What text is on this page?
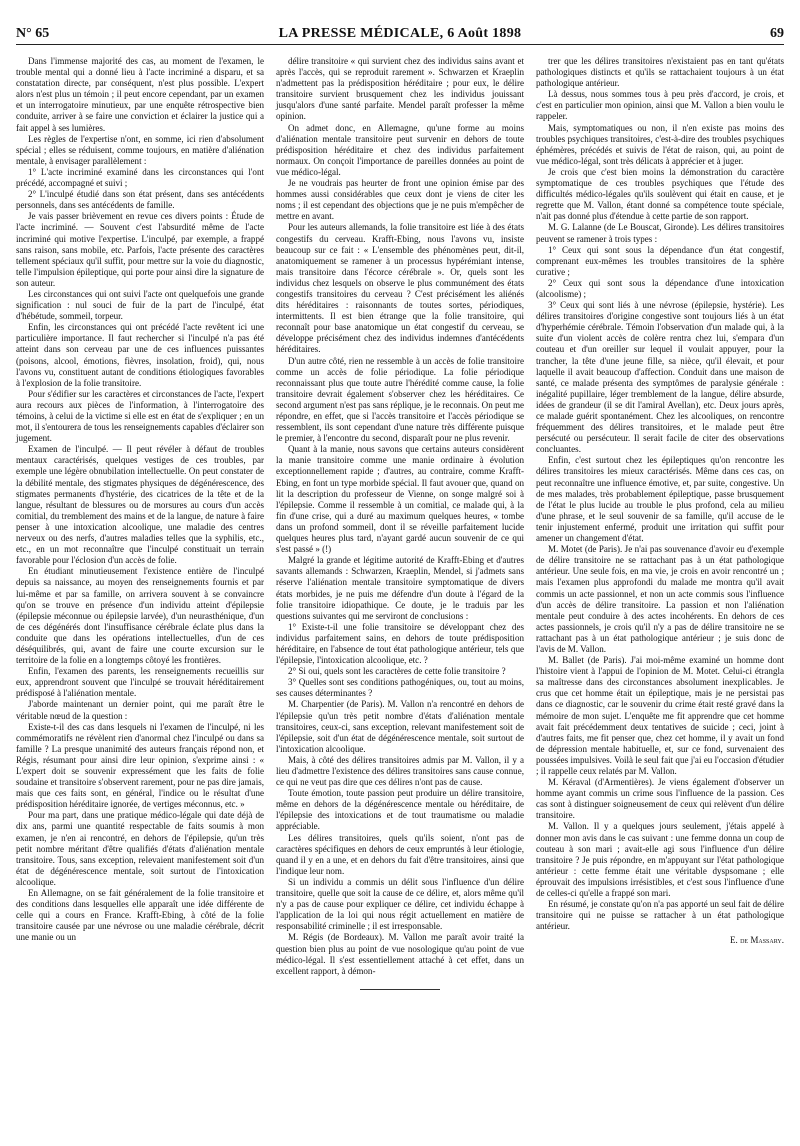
N° 65	LA PRESSE MÉDICALE, 6 Août 1898	69

Dans l'immense majorité des cas, au moment de l'examen, le trouble mental qui a donné lieu à l'acte incriminé a disparu, et sa constatation directe, par conséquent, n'est plus possible. L'expert alors n'est plus un témoin ; il peut encore cependant, par un examen et un interrogatoire minutieux, par une enquête rétrospective bien conduite, arriver à se faire une conviction et éclairer la justice qui a fait appel à ses lumières.

Les règles de l'expertise n'ont, en somme, ici rien d'absolument spécial ; elles se réduisent, comme toujours, en matière d'aliénation mentale, à envisager parallèlement :

1° L'acte incriminé examiné dans les circonstances qui l'ont précédé, accompagné et suivi ;

2° L'inculpé étudié dans son état présent, dans ses antécédents personnels, dans ses antécédents de famille.

Je vais passer brièvement en revue ces divers points : Étude de l'acte incriminé. — Souvent c'est l'absurdité même de l'acte incriminé qui motive l'expertise. L'inculpé, par exemple, a frappé sans raison, sans mobile, etc. Parfois, l'acte présente des caractères tellement spéciaux qu'il suffit, pour mettre sur la voie du diagnostic, telle l'impulsion épileptique, qui porte pour ainsi dire la signature de son auteur.

Les circonstances qui ont suivi l'acte ont quelquefois une grande signification : nul souci de fuir de la part de l'inculpé, état d'hébétude, sommeil, torpeur.

Enfin, les circonstances qui ont précédé l'acte revêtent ici une particulière importance. Il faut rechercher si l'inculpé n'a pas été atteint dans son cerveau par une de ces influences puissantes (poisons, alcool, émotions, fièvres, insolation, froid), qui, nous l'avons vu, constituent autant de conditions étiologiques favorables à l'explosion de la folie transitoire.

Pour s'édifier sur les caractères et circonstances de l'acte, l'expert aura recours aux pièces de l'information, à l'interrogatoire des témoins, à celui de la victime si elle est en état de s'expliquer ; en un mot, il s'entourera de tous les renseignements capables d'éclairer son jugement.

Examen de l'inculpé. — Il peut révéler à défaut de troubles mentaux caractérisés, quelques vestiges de ces troubles, par exemple une légère obnubilation intellectuelle. On peut constater de la débilité mentale, des stigmates physiques de dégénérescence, des stigmates permanents d'hystérie, des cicatrices de la tête et de la langue, résultant de blessures ou de morsures au cours d'un accès comitial, du tremblement des mains et de la langue, de nature à faire penser à une intoxication alcoolique, une maladie des centres nerveux ou des nerfs, d'autres maladies telles que la syphilis, etc., etc., en un mot reconnaître que l'inculpé constituait un terrain favorable pour l'éclosion d'un accès de folie.

En étudiant minutieusement l'existence entière de l'inculpé depuis sa naissance, au moyen des renseignements fournis et par lui-même et par sa famille, on arrivera souvent à se convaincre qu'on se trouve en présence d'un individu atteint d'épilepsie (épilepsie méconnue ou épilepsie larvée), d'un neurasthénique, d'un de ces dégénérés dont l'insuffisance cérébrale éclate plus dans la conduite que dans les opérations intellectuelles, d'un de ces déséquilibrés, qui, avant de faire une courte excursion sur le territoire de la folie en a longtemps côtoyé les frontières.

Enfin, l'examen des parents, les renseignements recueillis sur eux, apprendront souvent que l'inculpé se trouvait héréditairement prédisposé à l'aliénation mentale.

J'aborde maintenant un dernier point, qui me paraît être le véritable nœud de la question :

Existe-t-il des cas dans lesquels ni l'examen de l'inculpé, ni les commémoratifs ne révèlent rien d'anormal chez l'inculpé ou dans sa famille ? La presque unanimité des auteurs français répond non, et Régis, résumant pour ainsi dire leur opinion, s'exprime ainsi : « L'expert doit se souvenir expressément que les faits de folie soudaine et transitoire s'observent rarement, pour ne pas dire jamais, mais que ces faits sont, en général, l'indice ou le résultat d'une prédisposition héréditaire ignorée, de vertiges méconnus, etc. »

Pour ma part, dans une pratique médico-légale qui date déjà de dix ans, parmi une quantité respectable de faits soumis à mon examen, je n'en ai rencontré, en dehors de l'épilepsie, qu'un très petit nombre méritant d'être qualifiés d'états d'aliénation mentale transitoire. Tous, sans exception, relevaient manifestement soit d'un état de dégénérescence mentale, soit surtout de l'intoxication alcoolique.

En Allemagne, on se fait généralement de la folie transitoire et des conditions dans lesquelles elle apparaît une idée différente de celle qui a cours en France. Krafft-Ebing, à côté de la folie transitoire causée par une névrose ou une maladie cérébrale, décrit une manie ou un

délire transitoire « qui survient chez des individus sains avant et après l'accès, qui se reproduit rarement ». Schwarzen et Kraeplin n'admettent pas la prédisposition héréditaire ; pour eux, le délire transitoire survient brusquement chez les individus jouissant jusqu'alors d'une santé parfaite. Mendel paraît professer la même opinion.

On admet donc, en Allemagne, qu'une forme au moins d'aliénation mentale transitoire peut survenir en dehors de toute prédisposition héréditaire et chez des individus parfaitement normaux. On conçoit l'importance de pareilles données au point de vue médico-légal.

Je ne voudrais pas heurter de front une opinion émise par des hommes aussi considérables que ceux dont je viens de citer les noms ; il est cependant des objections que je ne puis m'empêcher de mettre en avant.

Pour les auteurs allemands, la folie transitoire est liée à des états congestifs du cerveau. Krafft-Ebing, nous l'avons vu, insiste beaucoup sur ce fait : « L'ensemble des phénomènes peut, dit-il, anatomiquement se ramener à un processus hypérémiant intense, mais transitoire dans l'écorce cérébrale ». Or, quels sont les individus chez lesquels on observe le plus communément des états congestifs transitoires du cerveau ? C'est précisément les aliénés dits héréditaires : raisonnants de toutes sortes, périodiques, intermittents. Il est bien étrange que la folie transitoire, qui reconnaît pour base anatomique un état congestif du cerveau, se développe précisément chez des individus indemnes d'antécédents héréditaires.

D'un autre côté, rien ne ressemble à un accès de folie transitoire comme un accès de folie périodique. La folie périodique reconnaissant plus que toute autre l'hérédité comme cause, la folie transitoire devrait également s'observer chez les héréditaires. Ce second argument n'est pas sans réplique, je le reconnais. On peut me répondre, en effet, que si l'accès transitoire et l'accès périodique se ressemblent, ils sont cependant d'une nature très différente puisque le premier, à l'encontre du second, disparaît pour ne plus revenir.

Quant à la manie, nous savons que certains auteurs considèrent la manie transitoire comme une manie ordinaire à évolution exceptionnellement rapide ; d'autres, au contraire, comme Krafft-Ebing, en font un type morbide spécial. Il faut avouer que, quand on lit la description du professeur de Vienne, on songe malgré soi à l'épilepsie. Comme il ressemble à un comitial, ce malade qui, à la fin d'une crise, qui a duré au maximum quelques heures, « tombe dans un profond sommeil, dont il se réveille parfaitement lucide quelques heures plus tard, n'ayant gardé aucun souvenir de ce qui s'est passé » (!)

Malgré la grande et légitime autorité de Krafft-Ebing et d'autres savants allemands : Schwarzen, Kraeplin, Mendel, si j'admets sans réserve l'aliénation mentale transitoire symptomatique de divers états morbides, je ne puis me défendre d'un doute à l'égard de la folie transitoire idiopathique. Ce doute, je le traduis par les questions suivantes qui me serviront de conclusions :

1° Existe-t-il une folie transitoire se développant chez des individus parfaitement sains, en dehors de toute prédisposition héréditaire, en l'absence de tout état pathologique antérieur, tels que l'épilepsie, l'intoxication alcoolique, etc. ?

2° Si oui, quels sont les caractères de cette folie transitoire ?

3° Quelles sont ses conditions pathogéniques, ou, tout au moins, ses causes déterminantes ?

M. Charpentier (de Paris). M. Vallon n'a rencontré en dehors de l'épilepsie qu'un très petit nombre d'états d'aliénation mentale transitoires, ceux-ci, sans exception, relevant manifestement soit de l'épilepsie, soit d'un état de dégénérescence mentale, soit surtout de l'intoxication alcoolique.

Mais, à côté des délires transitoires admis par M. Vallon, il y a lieu d'admettre l'existence des délires transitoires sans cause connue, ce qui ne veut pas dire que ces délires n'ont pas de cause.

Toute émotion, toute passion peut produire un délire transitoire, même en dehors de la dégénérescence mentale ou héréditaire, de l'épilepsie des intoxications et de tout traumatisme ou maladie appréciable.

Les délires transitoires, quels qu'ils soient, n'ont pas de caractères spécifiques en dehors de ceux empruntés à leur étiologie, quand il y en a une, et en dehors du fait d'être transitoires, ainsi que l'indique leur nom.

Si un individu a commis un délit sous l'influence d'un délire transitoire, quelle que soit la cause de ce délire, et, alors même qu'il n'y a pas de cause pour expliquer ce délire, cet individu échappe à l'application de la loi qui nous régit actuellement en matière de responsabilité criminelle ; il est irresponsable.

M. Régis (de Bordeaux). M. Vallon me paraît avoir traité la question bien plus au point de vue nosologique qu'au point de vue médico-légal. Il s'est essentiellement attaché à cet effet, dans un excellent rapport, à démon-

trer que les délires transitoires n'existaient pas en tant qu'états pathologiques distincts et qu'ils se rattachaient toujours à un état pathologique antérieur.

Là dessus, nous sommes tous à peu près d'accord, je crois, et c'est en particulier mon opinion, ainsi que M. Vallon a bien voulu le rappeler.

Mais, symptomatiques ou non, il n'en existe pas moins des troubles psychiques transitoires, c'est-à-dire des troubles psychiques éphémères, précédés et suivis de l'état de raison, qui, au point de vue médico-légal, sont très délicats à apprécier et à juger.

Je crois que c'est bien moins la démonstration du caractère symptomatique de ces troubles psychiques que l'étude des difficultés médico-légales qu'ils soulèvent qui était en cause, et je regrette que M. Vallon, étant donné sa compétence toute spéciale, n'ait pas donné plus d'étendue à cette partie de son rapport.

M. G. Lalanne (de Le Bouscat, Gironde). Les délires transitoires peuvent se ramener à trois types :

1° Ceux qui sont sous la dépendance d'un état congestif, comprenant eux-mêmes les troubles transitoires de la sphère curative ;

2° Ceux qui sont sous la dépendance d'une intoxication (alcoolisme) ;

3° Ceux qui sont liés à une névrose (épilepsie, hystérie). Les délires transitoires d'origine congestive sont toujours liés à un état d'hyperhémie cérébrale. Témoin l'observation d'un malade qui, à la suite d'un violent accès de colère rentra chez lui, s'empara d'un couteau et d'un oreiller sur lequel il voulait appuyer, pour la trancher, la tête d'une jeune fille, sa nièce, qu'il élevait, et pour laquelle il avait beaucoup d'affection. Conduit dans une maison de santé, ce malade présenta des symptômes de paralysie générale : inégalité pupillaire, léger tremblement de la langue, délire absurde, idées de grandeur (il se dit l'amiral Avellan), etc. Deux jours après, ce malade guérit spontanément. Chez les alcooliques, on rencontre fréquemment des délires transitoires, et le malade peut être persécuté ou persécuteur. Il serait facile de citer des observations concluantes.

Enfin, c'est surtout chez les épileptiques qu'on rencontre les délires transitoires les mieux caractérisés. Même dans ces cas, on peut reconnaître une influence émotive, et, par suite, congestive. Un de mes malades, très probablement épileptique, passe brusquement de l'état le plus lucide au trouble le plus profond, cela au milieu d'une phrase, et le seul souvenir de sa famille, qu'il accuse de le tenir injustement enfermé, produit une irritation qui suffit pour amener un changement d'état.

M. Motet (de Paris). Je n'ai pas souvenance d'avoir eu d'exemple de délire transitoire ne se rattachant pas à un état pathologique antérieur. Une seule fois, en ma vie, je crois en avoir rencontré un ; mais l'examen plus approfondi du malade me montra qu'il avait commis un acte passionnel, et non un acte commis sous l'influence d'un accès de délire transitoire. La passion et non l'aliénation mentale peut conduire à des actes incohérents. En dehors de ces actes passionnels, je crois qu'il n'y a pas de délire transitoire ne se rattachant pas à un état pathologique antérieur ; je suis donc de l'avis de M. Vallon.

M. Ballet (de Paris). J'ai moi-même examiné un homme dont l'histoire vient à l'appui de l'opinion de M. Motet. Celui-ci étrangla sa maîtresse dans des circonstances absolument inexplicables. Je crus que cet homme était un épileptique, mais je ne persistai pas dans ce diagnostic, car le souvenir du crime était resté gravé dans la mémoire de mon sujet. L'enquête me fit apprendre que cet homme avait fait précédemment deux tentatives de suicide ; ceci, joint à d'autres faits, me fit penser que, chez cet homme, il y avait un fond de dépression mentale habituelle, et, sur ce fond, survenaient des poussées impulsives. Voilà le seul fait que j'ai eu l'occasion d'étudier ; il rappelle ceux relatés par M. Vallon.

M. Kéraval (d'Armentières). Je viens également d'observer un homme ayant commis un crime sous l'influence de la passion. Ces cas sont à distinguer soigneusement de ceux qui relèvent d'un délire transitoire.

M. Vallon. Il y a quelques jours seulement, j'étais appelé à donner mon avis dans le cas suivant : une femme donna un coup de couteau à son mari ; avait-elle agi sous l'influence d'un délire transitoire ? Je puis répondre, en m'appuyant sur l'état pathologique antérieur : cette femme était une véritable dyspsomane ; elle éprouvait des impulsions irrésistibles, et c'est sous l'influence d'une de celles-ci qu'elle a frappé son mari.

En résumé, je constate qu'on n'a pas apporté un seul fait de délire transitoire qui ne puisse se rattacher à un état pathologique antérieur.

E. de Massary.
